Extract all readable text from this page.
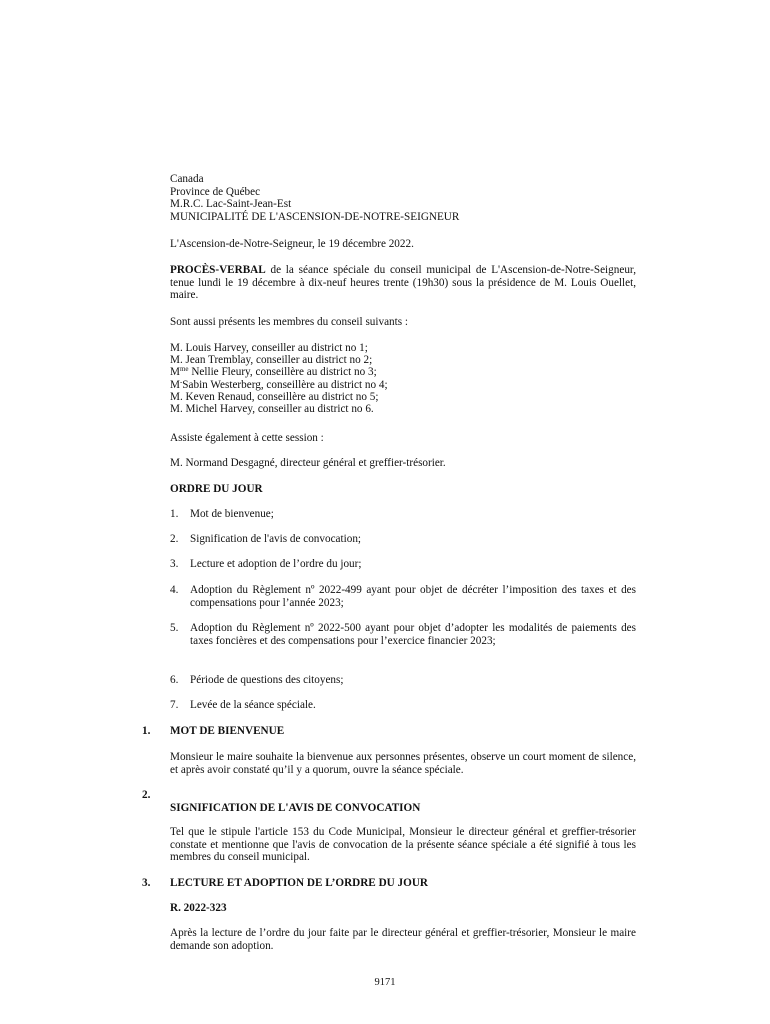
Canada
Province de Québec
M.R.C. Lac-Saint-Jean-Est
MUNICIPALITÉ DE L'ASCENSION-DE-NOTRE-SEIGNEUR
L'Ascension-de-Notre-Seigneur, le 19 décembre 2022.
PROCÈS-VERBAL de la séance spéciale du conseil municipal de L'Ascension-de-Notre-Seigneur, tenue lundi le 19 décembre à dix-neuf heures trente (19h30) sous la présidence de M. Louis Ouellet, maire.
Sont aussi présents les membres du conseil suivants :
M. Louis Harvey, conseiller au district no 1;
M. Jean Tremblay, conseiller au district no 2;
$M^{me}$ Nellie Fleury, conseillère au district no 3;
M-Sabin Westerberg, conseillère au district no 4;
M. Keven Renaud, conseillère au district no 5;
M. Michel Harvey, conseiller au district no 6.
Assiste également à cette session :
M. Normand Desgagné, directeur général et greffier-trésorier.
ORDRE DU JOUR
1. Mot de bienvenue;
2. Signification de l'avis de convocation;
3. Lecture et adoption de l’ordre du jour;
4. Adoption du Règlement nº 2022-499 ayant pour objet de décréter l’imposition des taxes et des compensations pour l’année 2023;
5. Adoption du Règlement nº 2022-500 ayant pour objet d’adopter les modalités de paiements des taxes foncières et des compensations pour l’exercice financier 2023;
6. Période de questions des citoyens;
7. Levée de la séance spéciale.
1. MOT DE BIENVENUE
Monsieur le maire souhaite la bienvenue aux personnes présentes, observe un court moment de silence, et après avoir constaté qu’il y a quorum, ouvre la séance spéciale.
2.
SIGNIFICATION DE L'AVIS DE CONVOCATION
Tel que le stipule l'article 153 du Code Municipal, Monsieur le directeur général et greffier-trésorier constate et mentionne que l'avis de convocation de la présente séance spéciale a été signifié à tous les membres du conseil municipal.
3. LECTURE ET ADOPTION DE L’ORDRE DU JOUR
R. 2022-323
Après la lecture de l’ordre du jour faite par le directeur général et greffier-trésorier, Monsieur le maire demande son adoption.
9171
